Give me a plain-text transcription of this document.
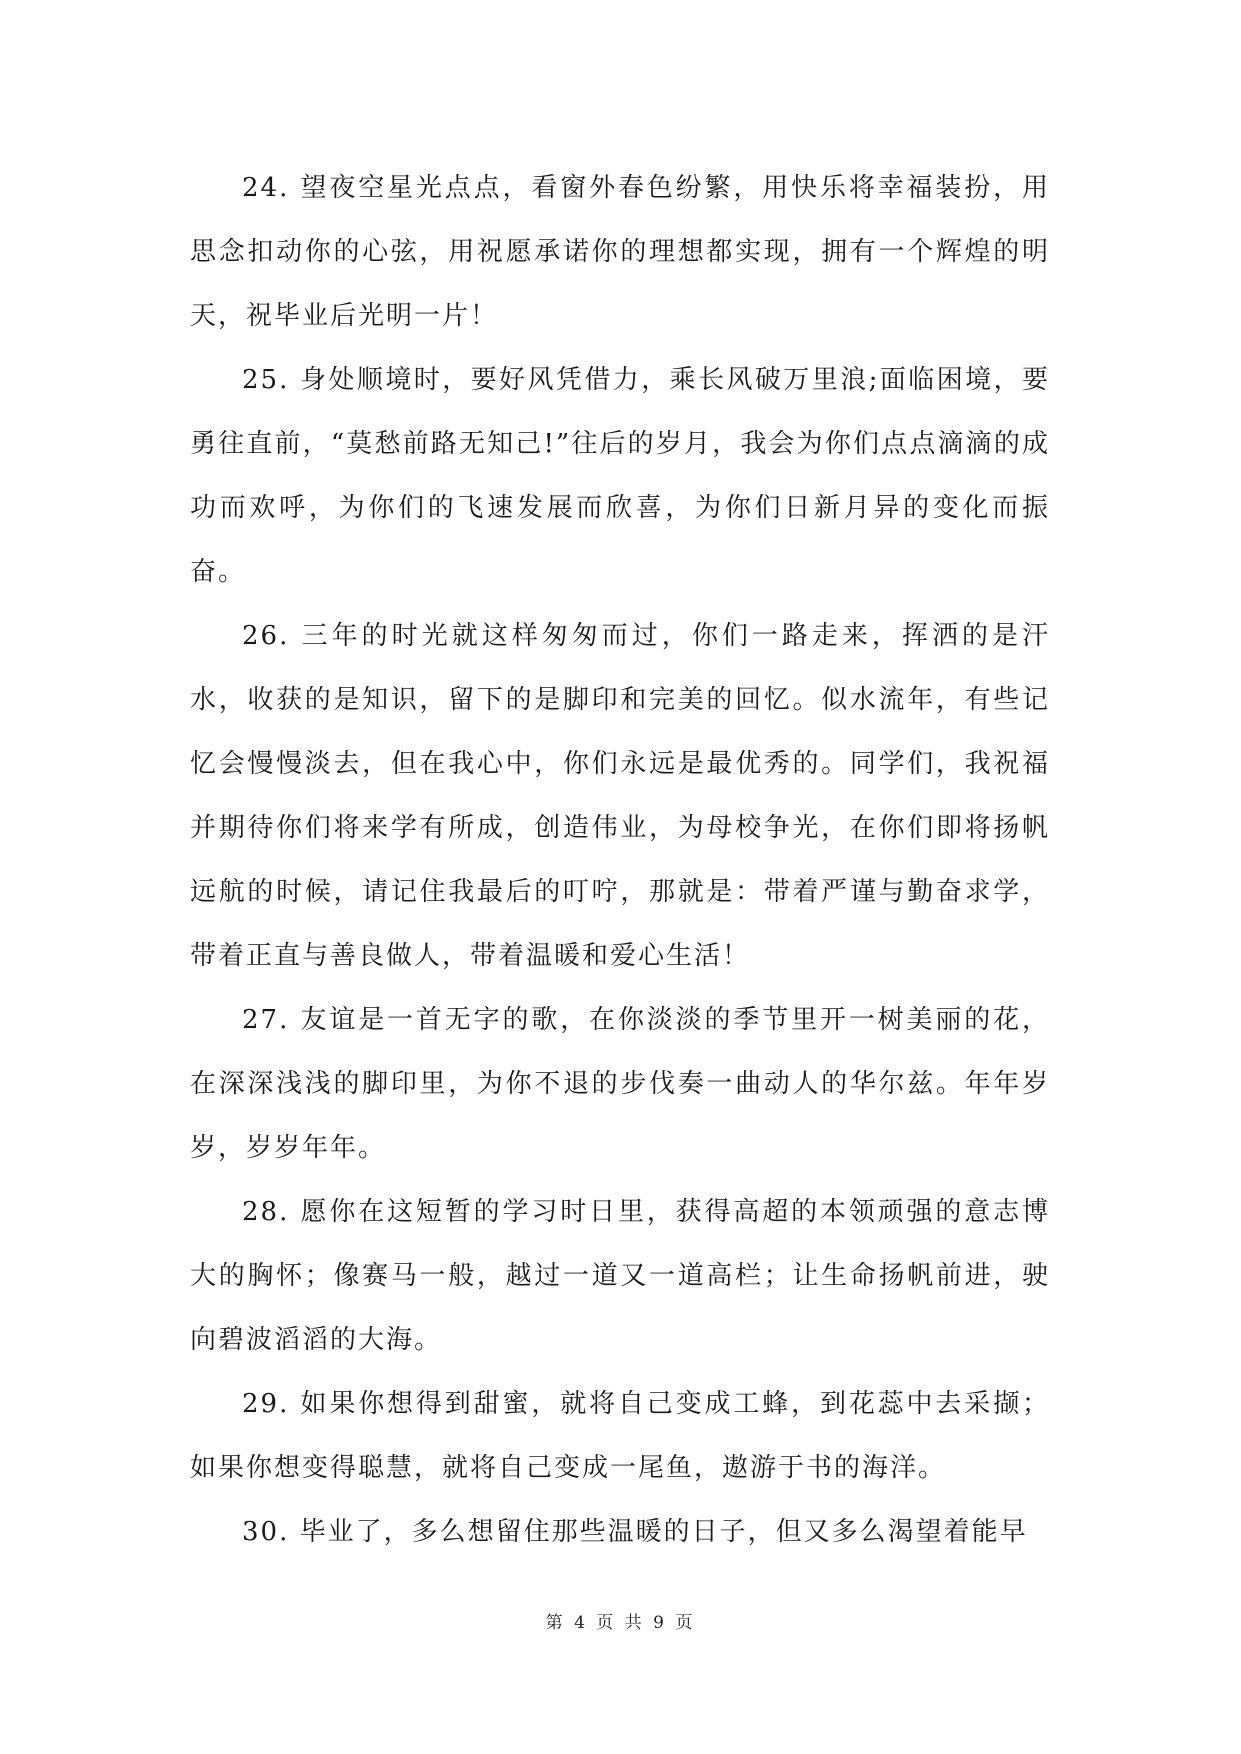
24. 望夜空星光点点，看窗外春色纷繁，用快乐将幸福装扮，用思念扣动你的心弦，用祝愿承诺你的理想都实现，拥有一个辉煌的明天，祝毕业后光明一片！

25. 身处顺境时，要好风凭借力，乘长风破万里浪;面临困境，要勇往直前，“莫愁前路无知己!”往后的岁月，我会为你们点点滴滴的成功而欢呼，为你们的飞速发展而欣喜，为你们日新月异的变化而振奋。

26. 三年的时光就这样匆匆而过，你们一路走来，挥洒的是汗水，收获的是知识，留下的是脚印和完美的回忆。似水流年，有些记忆会慢慢淡去，但在我心中，你们永远是最优秀的。同学们，我祝福并期待你们将来学有所成，创造伟业，为母校争光，在你们即将扬帆远航的时候，请记住我最后的叮咛，那就是：带着严谨与勤奋求学，带着正直与善良做人，带着温暖和爱心生活！

27. 友谊是一首无字的歌，在你淡淡的季节里开一树美丽的花，在深深浅浅的脚印里，为你不退的步伐奏一曲动人的华尔兹。年年岁岁，岁岁年年。

28. 愿你在这短暂的学习时日里，获得高超的本领顽强的意志博大的胸怀；像赛马一般，越过一道又一道高栏；让生命扬帆前进，驶向碧波滔滔的大海。

29. 如果你想得到甜蜜，就将自己变成工蜂，到花蕊中去采撷；如果你想变得聪慧，就将自己变成一尾鱼，遨游于书的海洋。

30. 毕业了，多么想留住那些温暖的日子，但又多么渴望着能早

第 4 页 共 9 页
